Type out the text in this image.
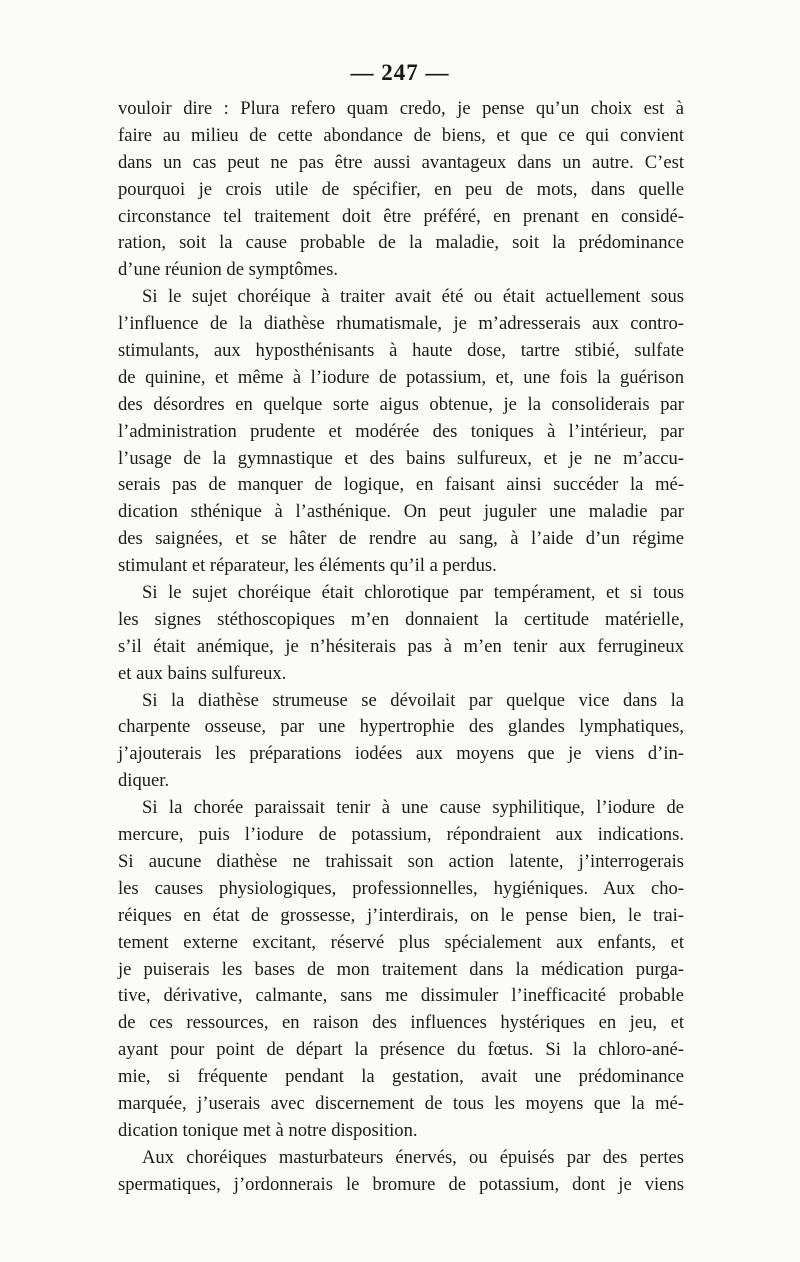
— 247 —
vouloir dire : Plura refero quam credo, je pense qu’un choix est à
faire au milieu de cette abondance de biens, et que ce qui convient
dans un cas peut ne pas être aussi avantageux dans un autre. C’est
pourquoi je crois utile de spécifier, en peu de mots, dans quelle
circonstance tel traitement doit être préféré, en prenant en considé-
ration, soit la cause probable de la maladie, soit la prédominance
d’une réunion de symptômes.
Si le sujet choréique à traiter avait été ou était actuellement sous
l’influence de la diathèse rhumatismale, je m’adresserais aux contro-
stimulants, aux hyposthénisants à haute dose, tartre stibié, sulfate
de quinine, et même à l’iodure de potassium, et, une fois la guérison
des désordres en quelque sorte aigus obtenue, je la consoliderais par
l’administration prudente et modérée des toniques à l’intérieur, par
l’usage de la gymnastique et des bains sulfureux, et je ne m’accu-
serais pas de manquer de logique, en faisant ainsi succéder la mé-
dication sthénique à l’asthénique. On peut juguler une maladie par
des saignées, et se hâter de rendre au sang, à l’aide d’un régime
stimulant et réparateur, les éléments qu’il a perdus.
Si le sujet choréique était chlorotique par tempérament, et si tous
les signes stéthoscopiques m’en donnaient la certitude matérielle,
s’il était anémique, je n’hésiterais pas à m’en tenir aux ferrugineux
et aux bains sulfureux.
Si la diathèse strumeuse se dévoilait par quelque vice dans la
charpente osseuse, par une hypertrophie des glandes lymphatiques,
j’ajouterais les préparations iodées aux moyens que je viens d’in-
diquer.
Si la chorée paraissait tenir à une cause syphilitique, l’iodure de
mercure, puis l’iodure de potassium, répondraient aux indications.
Si aucune diathèse ne trahissait son action latente, j’interrogerais
les causes physiologiques, professionnelles, hygiéniques. Aux cho-
réiques en état de grossesse, j’interdirais, on le pense bien, le trai-
tement externe excitant, réservé plus spécialement aux enfants, et
je puiserais les bases de mon traitement dans la médication purga-
tive, dérivative, calmante, sans me dissimuler l’inefficacité probable
de ces ressources, en raison des influences hystériques en jeu, et
ayant pour point de départ la présence du fœtus. Si la chloro-ané-
mie, si fréquente pendant la gestation, avait une prédominance
marquée, j’userais avec discernement de tous les moyens que la mé-
dication tonique met à notre disposition.
Aux choréiques masturbateurs énervés, ou épuisés par des pertes
spermatiques, j’ordonnerais le bromure de potassium, dont je viens
